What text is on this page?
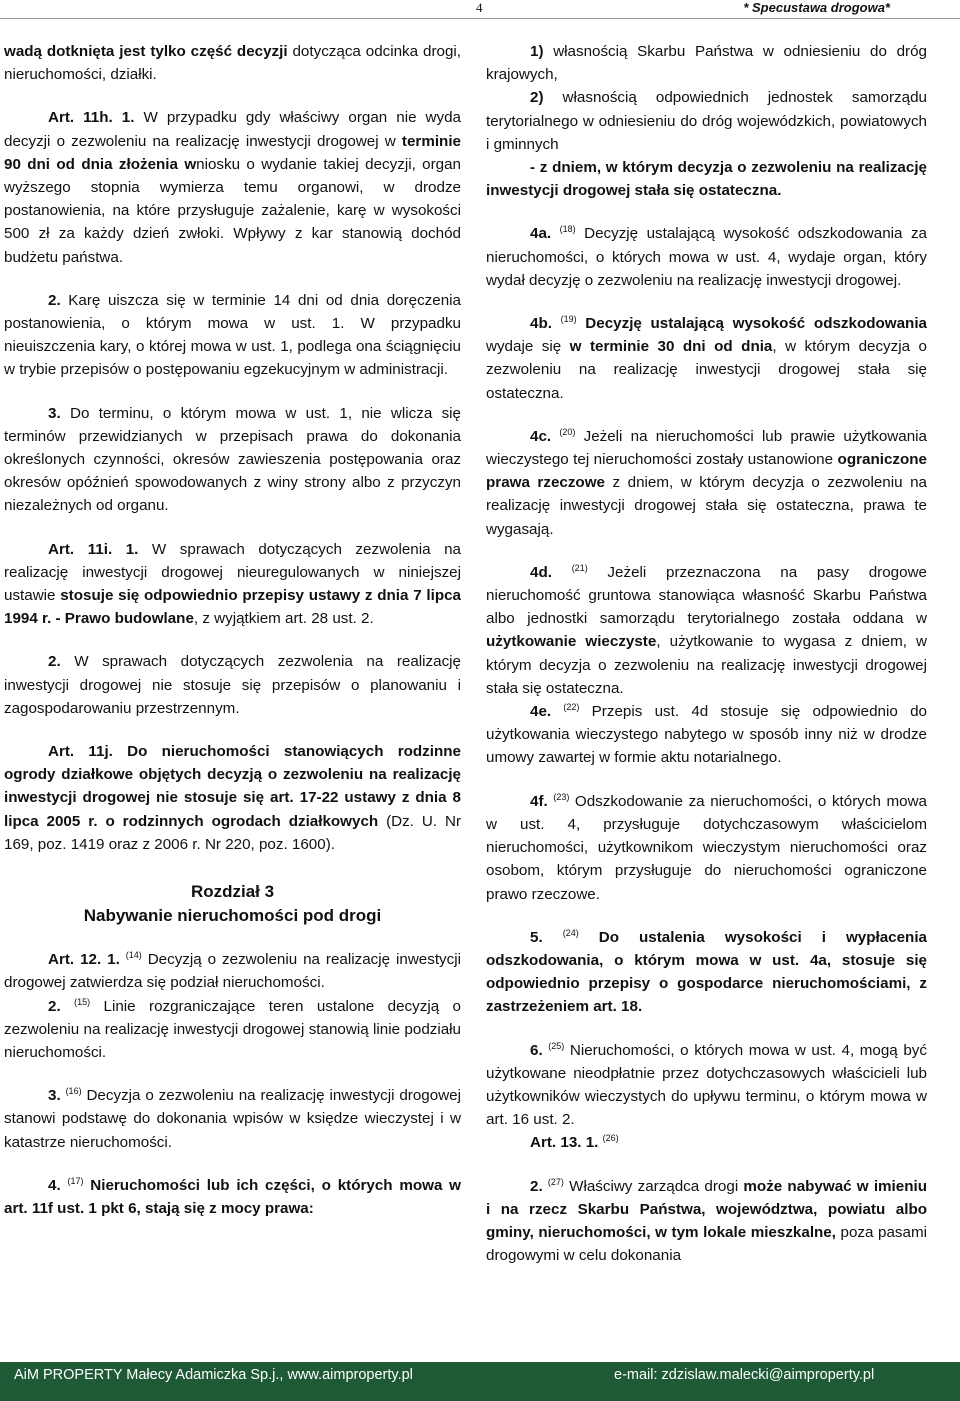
4	* Specustawa drogowa*

wadą dotknięta jest tylko część decyzji dotycząca odcinka drogi, nieruchomości, działki.

Art. 11h. 1. W przypadku gdy właściwy organ nie wyda decyzji o zezwoleniu na realizację inwestycji drogowej w terminie 90 dni od dnia złożenia wniosku o wydanie takiej decyzji, organ wyższego stopnia wymierza temu organowi, w drodze postanowienia, na które przysługuje zażalenie, karę w wysokości 500 zł za każdy dzień zwłoki. Wpływy z kar stanowią dochód budżetu państwa.

2. Karę uiszcza się w terminie 14 dni od dnia doręczenia postanowienia, o którym mowa w ust. 1. W przypadku nieuiszczenia kary, o której mowa w ust. 1, podlega ona ściągnięciu w trybie przepisów o postępowaniu egzekucyjnym w administracji.

3. Do terminu, o którym mowa w ust. 1, nie wlicza się terminów przewidzianych w przepisach prawa do dokonania określonych czynności, okresów zawieszenia postępowania oraz okresów opóźnień spowodowanych z winy strony albo z przyczyn niezależnych od organu.

Art. 11i. 1. W sprawach dotyczących zezwolenia na realizację inwestycji drogowej nieuregulowanych w niniejszej ustawie stosuje się odpowiednio przepisy ustawy z dnia 7 lipca 1994 r. - Prawo budowlane, z wyjątkiem art. 28 ust. 2.

2. W sprawach dotyczących zezwolenia na realizację inwestycji drogowej nie stosuje się przepisów o planowaniu i zagospodarowaniu przestrzennym.

Art. 11j. Do nieruchomości stanowiących rodzinne ogrody działkowe objętych decyzją o zezwoleniu na realizację inwestycji drogowej nie stosuje się art. 17-22 ustawy z dnia 8 lipca 2005 r. o rodzinnych ogrodach działkowych (Dz. U. Nr 169, poz. 1419 oraz z 2006 r. Nr 220, poz. 1600).

Rozdział 3
Nabywanie nieruchomości pod drogi

Art. 12. 1. $^{(14)}$ Decyzją o zezwoleniu na realizację inwestycji drogowej zatwierdza się podział nieruchomości.

2. $^{(15)}$ Linie rozgraniczające teren ustalone decyzją o zezwoleniu na realizację inwestycji drogowej stanowią linie podziału nieruchomości.

3. $^{(16)}$ Decyzja o zezwoleniu na realizację inwestycji drogowej stanowi podstawę do dokonania wpisów w księdze wieczystej i w katastrze nieruchomości.

4. $^{(17)}$ Nieruchomości lub ich części, o których mowa w art. 11f ust. 1 pkt 6, stają się z mocy prawa:

1) własnością Skarbu Państwa w odniesieniu do dróg krajowych,

2) własnością odpowiednich jednostek samorządu terytorialnego w odniesieniu do dróg wojewódzkich, powiatowych i gminnych

- z dniem, w którym decyzja o zezwoleniu na realizację inwestycji drogowej stała się ostateczna.

4a. $^{(18)}$ Decyzję ustalającą wysokość odszkodowania za nieruchomości, o których mowa w ust. 4, wydaje organ, który wydał decyzję o zezwoleniu na realizację inwestycji drogowej.

4b. $^{(19)}$ Decyzję ustalającą wysokość odszkodowania wydaje się w terminie 30 dni od dnia, w którym decyzja o zezwoleniu na realizację inwestycji drogowej stała się ostateczna.

4c. $^{(20)}$ Jeżeli na nieruchomości lub prawie użytkowania wieczystego tej nieruchomości zostały ustanowione ograniczone prawa rzeczowe z dniem, w którym decyzja o zezwoleniu na realizację inwestycji drogowej stała się ostateczna, prawa te wygasają.

4d. $^{(21)}$ Jeżeli przeznaczona na pasy drogowe nieruchomość gruntowa stanowiąca własność Skarbu Państwa albo jednostki samorządu terytorialnego została oddana w użytkowanie wieczyste, użytkowanie to wygasa z dniem, w którym decyzja o zezwoleniu na realizację inwestycji drogowej stała się ostateczna.

4e. $^{(22)}$ Przepis ust. 4d stosuje się odpowiednio do użytkowania wieczystego nabytego w sposób inny niż w drodze umowy zawartej w formie aktu notarialnego.

4f. $^{(23)}$ Odszkodowanie za nieruchomości, o których mowa w ust. 4, przysługuje dotychczasowym właścicielom nieruchomości, użytkownikom wieczystym nieruchomości oraz osobom, którym przysługuje do nieruchomości ograniczone prawo rzeczowe.

5. $^{(24)}$ Do ustalenia wysokości i wypłacenia odszkodowania, o którym mowa w ust. 4a, stosuje się odpowiednio przepisy o gospodarce nieruchomościami, z zastrzeżeniem art. 18.

6. $^{(25)}$ Nieruchomości, o których mowa w ust. 4, mogą być użytkowane nieodpłatnie przez dotychczasowych właścicieli lub użytkowników wieczystych do upływu terminu, o którym mowa w art. 16 ust. 2.

Art. 13. 1. $^{(26)}$

2. $^{(27)}$ Właściwy zarządca drogi może nabywać w imieniu i na rzecz Skarbu Państwa, województwa, powiatu albo gminy, nieruchomości, w tym lokale mieszkalne, poza pasami drogowymi w celu dokonania

AiM PROPERTY Małecy Adamiczka Sp.j., www.aimproperty.pl	e-mail: zdzislaw.malecki@aimproperty.pl
